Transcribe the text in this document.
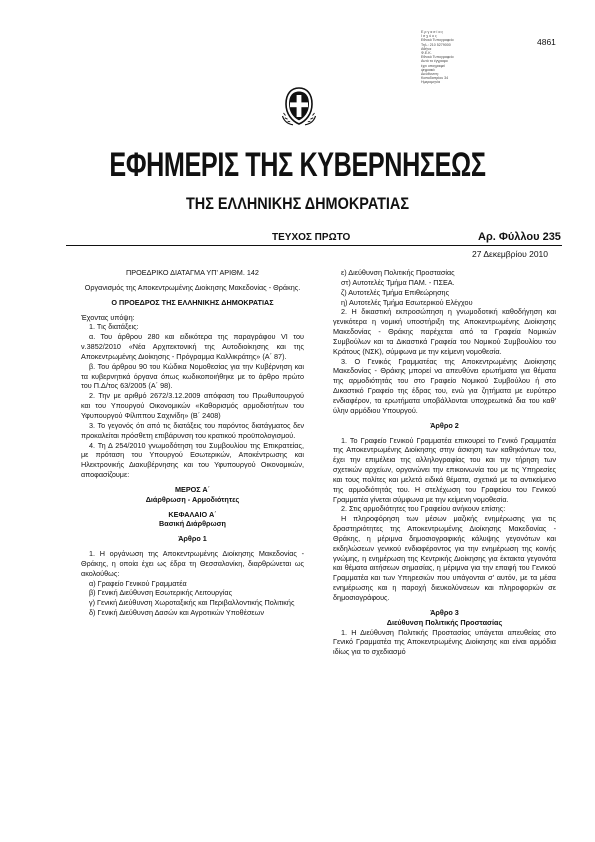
Ε ρ γ α σ ί α ς
Ι σ χ ύ ο ς
Εθνικό Τυπογραφείο
Τηλ.: 210 5279000
Αθήνα
Φ.Ε.Κ.
Εθνικό Τυπογραφείο
Αυτό το έγγραφο
έχει υπογραφεί
ψηφιακά
Διεύθυνση:
Καποδιστρίου 34
Ημερομηνία
4861
ΕΦΗΜΕΡΙΣ ΤΗΣ ΚΥΒΕΡΝΗΣΕΩΣ
ΤΗΣ ΕΛΛΗΝΙΚΗΣ ΔΗΜΟΚΡΑΤΙΑΣ
ΤΕΥΧΟΣ ΠΡΩΤΟ	Αρ. Φύλλου 235
27 Δεκεμβρίου 2010

ΠΡΟΕΔΡΙΚΟ ΔΙΑΤΑΓΜΑ ΥΠ' ΑΡΙΘΜ. 142

Οργανισμός της Αποκεντρωμένης Διοίκησης Μακεδονίας - Θράκης.

Ο ΠΡΟΕΔΡΟΣ ΤΗΣ ΕΛΛΗΝΙΚΗΣ ΔΗΜΟΚΡΑΤΙΑΣ

Έχοντας υπόψη:

1. Τις διατάξεις:

α. Του άρθρου 280 και ειδικότερα της παραγράφου VI του ν.3852/2010 «Νέα Αρχιτεκτονική της Αυτοδιοίκησης και της Αποκεντρωμένης Διοίκησης - Πρόγραμμα Καλλικράτης» (Α΄ 87).

β. Του άρθρου 90 του Κώδικα Νομοθεσίας για την Κυβέρνηση και τα κυβερνητικά όργανα όπως κωδικοποιήθηκε με το άρθρο πρώτο του Π.Δ/τος 63/2005 (Α΄ 98).

2. Την με αριθμό 2672/3.12.2009 απόφαση του Πρωθυπουργού και του Υπουργού Οικονομικών «Καθορισμός αρμοδιοτήτων του Υφυπουργού Φίλιππου Σαχινίδη» (Β΄ 2408)

3. Το γεγονός ότι από τις διατάξεις του παρόντος διατάγματος δεν προκαλείται πρόσθετη επιβάρυνση του κρατικού προϋπολογισμού.

4. Τη Δ 254/2010 γνωμοδότηση του Συμβουλίου της Επικρατείας, με πρόταση του Υπουργού Εσωτερικών, Αποκέντρωσης και Ηλεκτρονικής Διακυβέρνησης και του Υφυπουργού Οικονομικών, αποφασίζουμε:

ΜΕΡΟΣ Α΄

Διάρθρωση - Αρμοδιότητες

ΚΕΦΑΛΑΙΟ Α΄

Βασική Διάρθρωση

Άρθρο 1

1. Η οργάνωση της Αποκεντρωμένης Διοίκησης Μακεδονίας - Θράκης, η οποία έχει ως έδρα τη Θεσσαλονίκη, διαρθρώνεται ως ακολούθως:

α) Γραφείο Γενικού Γραμματέα

β) Γενική Διεύθυνση Εσωτερικής Λειτουργίας

γ) Γενική Διεύθυνση Χωροταξικής και Περιβαλλοντικής Πολιτικής

δ) Γενική Διεύθυνση Δασών και Αγροτικών Υποθέσεων

ε) Διεύθυνση Πολιτικής Προστασίας

στ) Αυτοτελές Τμήμα ΠΑΜ. - ΠΣΕΑ.

ζ) Αυτοτελές Τμήμα Επιθεώρησης

η) Αυτοτελές Τμήμα Εσωτερικού Ελέγχου

2. Η δικαστική εκπροσώπηση η γνωμοδοτική καθοδήγηση και γενικότερα η νομική υποστήριξη της Αποκεντρωμένης Διοίκησης Μακεδονίας - Θράκης παρέχεται από τα Γραφεία Νομικών Συμβούλων και τα Δικαστικά Γραφεία του Νομικού Συμβουλίου του Κράτους (ΝΣΚ), σύμφωνα με την κείμενη νομοθεσία.

3. Ο Γενικός Γραμματέας της Αποκεντρωμένης Διοίκησης Μακεδονίας - Θράκης μπορεί να απευθύνει ερωτήματα για θέματα της αρμοδιότητάς του στο Γραφείο Νομικού Συμβούλου ή στο Δικαστικό Γραφείο της έδρας του, ενώ για ζητήματα με ευρύτερο ενδιαφέρον, τα ερωτήματα υποβάλλονται υποχρεωτικά δια του καθ' ύλην αρμόδιου Υπουργού.

Άρθρο 2

1. Το Γραφείο Γενικού Γραμματέα επικουρεί το Γενικό Γραμματέα της Αποκεντρωμένης Διοίκησης στην άσκηση των καθηκόντων του, έχει την επιμέλεια της αλληλογραφίας του και την τήρηση των σχετικών αρχείων, οργανώνει την επικοινωνία του με τις Υπηρεσίες και τους πολίτες και μελετά ειδικά θέματα, σχετικά με τα αντικείμενο της αρμοδιότητάς του. Η στελέχωση του Γραφείου του Γενικού Γραμματέα γίνεται σύμφωνα με την κείμενη νομοθεσία.

2. Στις αρμοδιότητες του Γραφείου ανήκουν επίσης:

Η πληροφόρηση των μέσων μαζικής ενημέρωσης για τις δραστηριότητες της Αποκεντρωμένης Διοίκησης Μακεδονίας - Θράκης, η μέριμνα δημοσιογραφικής κάλυψης γεγονότων και εκδηλώσεων γενικού ενδιαφέροντος για την ενημέρωση της κοινής γνώμης, η ενημέρωση της Κεντρικής Διοίκησης για έκτακτα γεγονότα και θέματα αιτήσεων σημασίας, η μέριμνα για την επαφή του Γενικού Γραμματέα και των Υπηρεσιών που υπάγονται σ' αυτόν, με τα μέσα ενημέρωσης και η παροχή διευκολύνσεων και πληροφοριών σε δημοσιογράφους.

Άρθρο 3

Διεύθυνση Πολιτικής Προστασίας

1. Η Διεύθυνση Πολιτικής Προστασίας υπάγεται απευθείας στο Γενικό Γραμματέα της Αποκεντρωμένης Διοίκησης και είναι αρμόδια ιδίως για το σχεδιασμό
